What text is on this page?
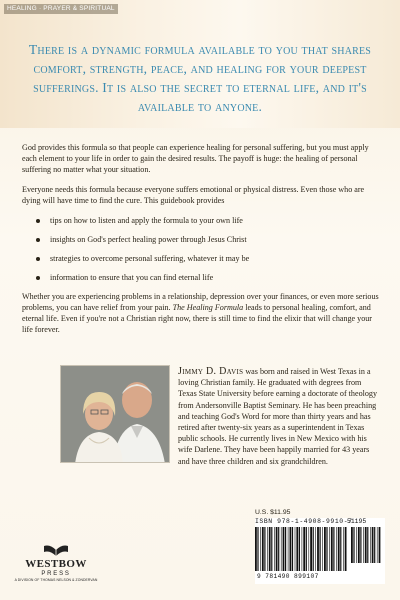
HEALING · PRAYER & SPIRITUAL
There is a dynamic formula available to you that shares comfort, strength, peace, and healing for your deepest sufferings. It is also the secret to eternal life, and it's available to anyone.

God provides this formula so that people can experience healing for personal suffering, but you must apply each element to your life in order to gain the desired results. The payoff is huge: the healing of personal suffering no matter what your situation.

Everyone needs this formula because everyone suffers emotional or physical distress. Even those who are dying will have time to find the cure. This guidebook provides

tips on how to listen and apply the formula to your own life
insights on God's perfect healing power through Jesus Christ
strategies to overcome personal suffering, whatever it may be
information to ensure that you can find eternal life

Whether you are experiencing problems in a relationship, depression over your finances, or even more serious problems, you can have relief from your pain. The Healing Formula leads to personal healing, comfort, and eternal life. Even if you're not a Christian right now, there is still time to find the elixir that will change your life forever.

Jimmy D. Davis was born and raised in West Texas in a loving Christian family. He graduated with degrees from Texas State University before earning a doctorate of theology from Andersonville Baptist Seminary. He has been preaching and teaching God's Word for more than thirty years and has retired after twenty-six years as a superintendent in Texas public schools. He currently lives in New Mexico with his wife Darlene. They have been happily married for 43 years and have three children and six grandchildren.
U.S. $11.95
ISBN 978-1-4908-9910-7
51195
9 781490 899107
WESTBOW
PRESS
A DIVISION OF THOMAS NELSON & ZONDERVAN
